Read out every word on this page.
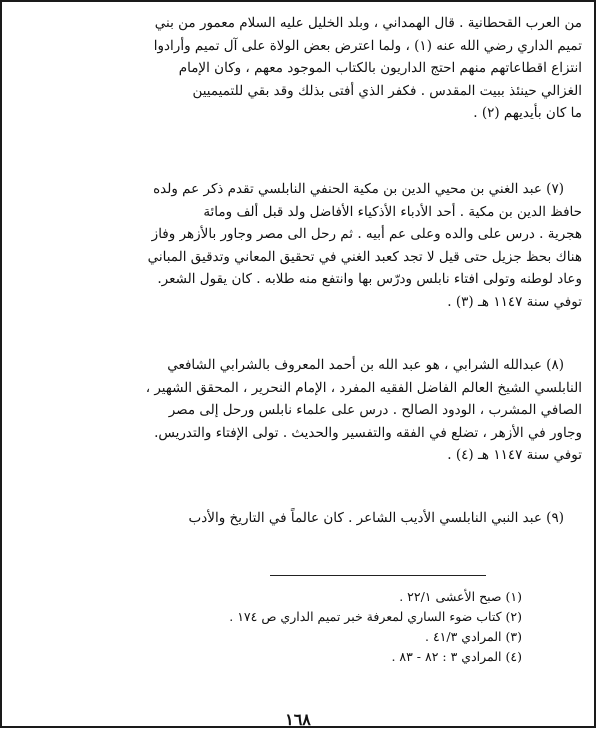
من العرب القحطانية . قال الهمداني ، وبلد الخليل عليه السلام معمور من بني
تميم الداري رضي الله عنه (١) ، ولما اعترض بعض الولاة على آل تميم وأرادوا
انتزاع اقطاعاتهم منهم احتج الداريون بالكتاب الموجود معهم ، وكان الإمام
الغزالي حينئذ ببيت المقدس . فكفر الذي أفتى بذلك وقد بقي للتميميين
ما كان بأيديهم (٢) .
(٧) عبد الغني بن محيي الدين بن مكية الحنفي النابلسي تقدم ذكر عم ولده
حافظ الدين بن مكية . أحد الأدباء الأذكياء الأفاضل ولد قبل ألف ومائة
هجرية . درس على والده وعلى عم أبيه . ثم رحل الى مصر وجاور بالأزهر وفاز
هناك بحظ جزيل حتى قيل لا تجد كعبد الغني في تحقيق المعاني وتدقيق المباني
وعاد لوطنه وتولى افتاء نابلس ودرّس بها وانتفع منه طلابه . كان يقول الشعر.
توفي سنة ١١٤٧ هـ (٣) .
(٨) عبدالله الشرابي ، هو عبد الله بن أحمد المعروف بالشرابي الشافعي
النابلسي الشيخ العالم الفاضل الفقيه المفرد ، الإمام النحرير ، المحقق الشهير ،
الصافي المشرب ، الودود الصالح . درس على علماء نابلس ورحل إلى مصر
وجاور في الأزهر ، تضلع في الفقه والتفسير والحديث . تولى الإفتاء والتدريس.
توفي سنة ١١٤٧ هـ (٤) .
(٩) عبد النبي النابلسي الأديب الشاعر . كان عالماً في التاريخ والأدب
(١) صبح الأعشى ٢٢/١ .
(٢) كتاب ضوء الساري لمعرفة خبر تميم الداري ص ١٧٤ .
(٣) المرادي ٤١/٣ .
(٤) المرادي ٣ : ٨٢ - ٨٣ .
١٦٨
